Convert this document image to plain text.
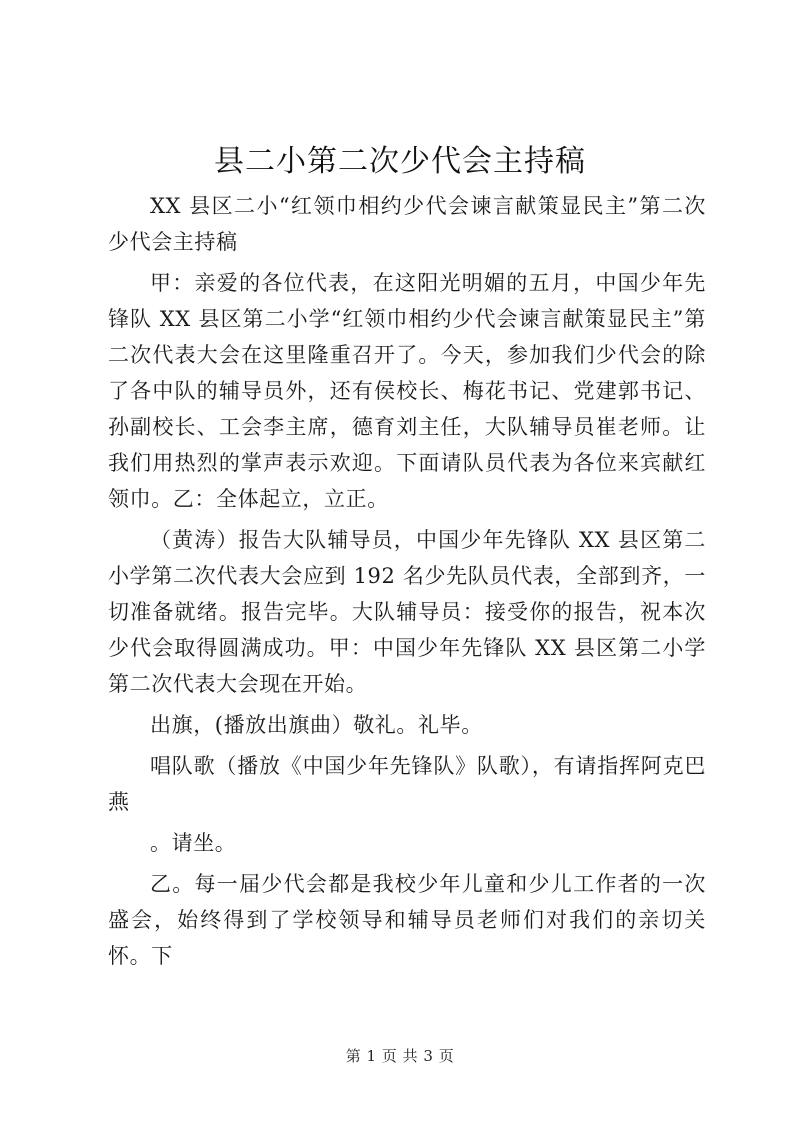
县二小第二次少代会主持稿

XX 县区二小“红领巾相约少代会谏言献策显民主”第二次少代会主持稿

甲：亲爱的各位代表，在这阳光明媚的五月，中国少年先锋队 XX 县区第二小学“红领巾相约少代会谏言献策显民主”第二次代表大会在这里隆重召开了。今天，参加我们少代会的除了各中队的辅导员外，还有侯校长、梅花书记、党建郭书记、孙副校长、工会李主席，德育刘主任，大队辅导员崔老师。让我们用热烈的掌声表示欢迎。下面请队员代表为各位来宾献红领巾。乙：全体起立，立正。

（黄涛）报告大队辅导员，中国少年先锋队 XX 县区第二小学第二次代表大会应到 192 名少先队员代表，全部到齐，一切准备就绪。报告完毕。大队辅导员：接受你的报告，祝本次少代会取得圆满成功。甲：中国少年先锋队 XX 县区第二小学第二次代表大会现在开始。

出旗，(播放出旗曲）敬礼。礼毕。

唱队歌（播放《中国少年先锋队》队歌），有请指挥阿克巴燕

。请坐。

乙。每一届少代会都是我校少年儿童和少儿工作者的一次盛会，始终得到了学校领导和辅导员老师们对我们的亲切关怀。下

第 1 页 共 3 页
